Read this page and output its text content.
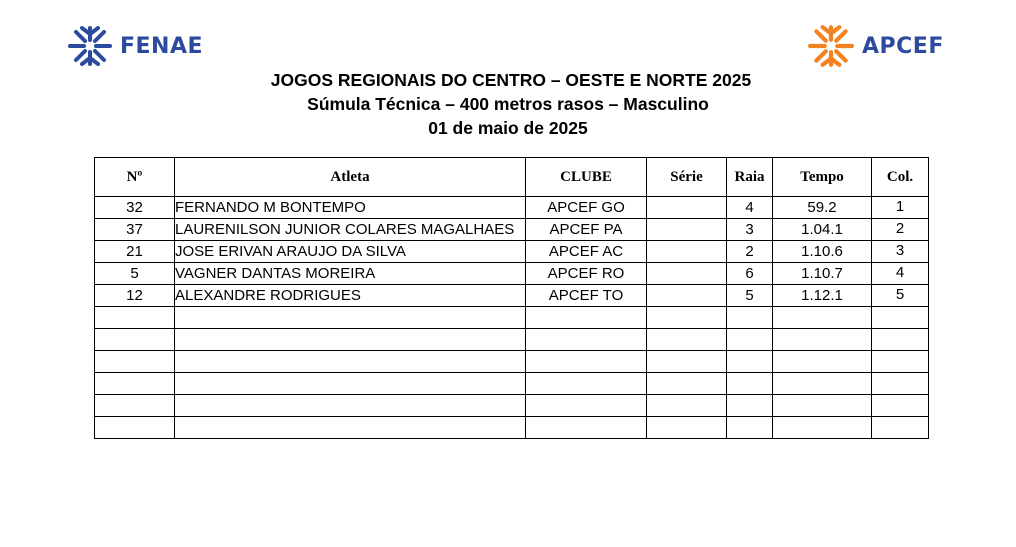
FENAE	APCEF
JOGOS REGIONAIS DO CENTRO – OESTE E NORTE 2025
Súmula Técnica – 400 metros rasos – Masculino
01 de maio de 2025
Nº	Atleta	CLUBE	Série	Raia	Tempo	Col.
32	FERNANDO M BONTEMPO	APCEF GO		4	59.2	1
37	LAURENILSON JUNIOR COLARES MAGALHAES	APCEF PA		3	1.04.1	2
21	JOSE ERIVAN ARAUJO DA SILVA	APCEF AC		2	1.10.6	3
5	VAGNER DANTAS MOREIRA	APCEF RO		6	1.10.7	4
12	ALEXANDRE RODRIGUES	APCEF TO		5	1.12.1	5
